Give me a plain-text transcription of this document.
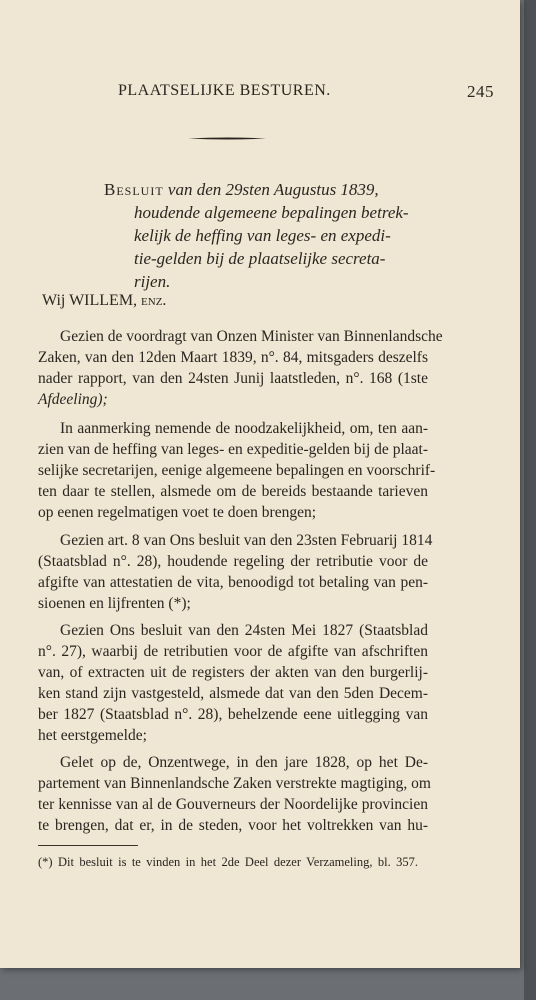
PLAATSELIJKE BESTUREN.	245
Besluit van den 29sten Augustus 1839,
houdende algemeene bepalingen betrek-
kelijk de heffing van leges- en expedi-
tie-gelden bij de plaatselijke secreta-
rijen.
Wij WILLEM, enz.
Gezien de voordragt van Onzen Minister van Binnenlandsche
Zaken, van den 12den Maart 1839, n°. 84, mitsgaders deszelfs
nader rapport, van den 24sten Junij laatstleden, n°. 168 (1ste
Afdeeling);
In aanmerking nemende de noodzakelijkheid, om, ten aan-
zien van de heffing van leges- en expeditie-gelden bij de plaat-
selijke secretarijen, eenige algemeene bepalingen en voorschrif-
ten daar te stellen, alsmede om de bereids bestaande tarieven
op eenen regelmatigen voet te doen brengen;
Gezien art. 8 van Ons besluit van den 23sten Februarij 1814
(Staatsblad n°. 28), houdende regeling der retributie voor de
afgifte van attestatien de vita, benoodigd tot betaling van pen-
sioenen en lijfrenten (*);
Gezien Ons besluit van den 24sten Mei 1827 (Staatsblad
n°. 27), waarbij de retributien voor de afgifte van afschriften
van, of extracten uit de registers der akten van den burgerlij-
ken stand zijn vastgesteld, alsmede dat van den 5den Decem-
ber 1827 (Staatsblad n°. 28), behelzende eene uitlegging van
het eerstgemelde;
Gelet op de, Onzentwege, in den jare 1828, op het De-
partement van Binnenlandsche Zaken verstrekte magtiging, om
ter kennisse van al de Gouverneurs der Noordelijke provincien
te brengen, dat er, in de steden, voor het voltrekken van hu-
(*) Dit besluit is te vinden in het 2de Deel dezer Verzameling, bl. 357.
